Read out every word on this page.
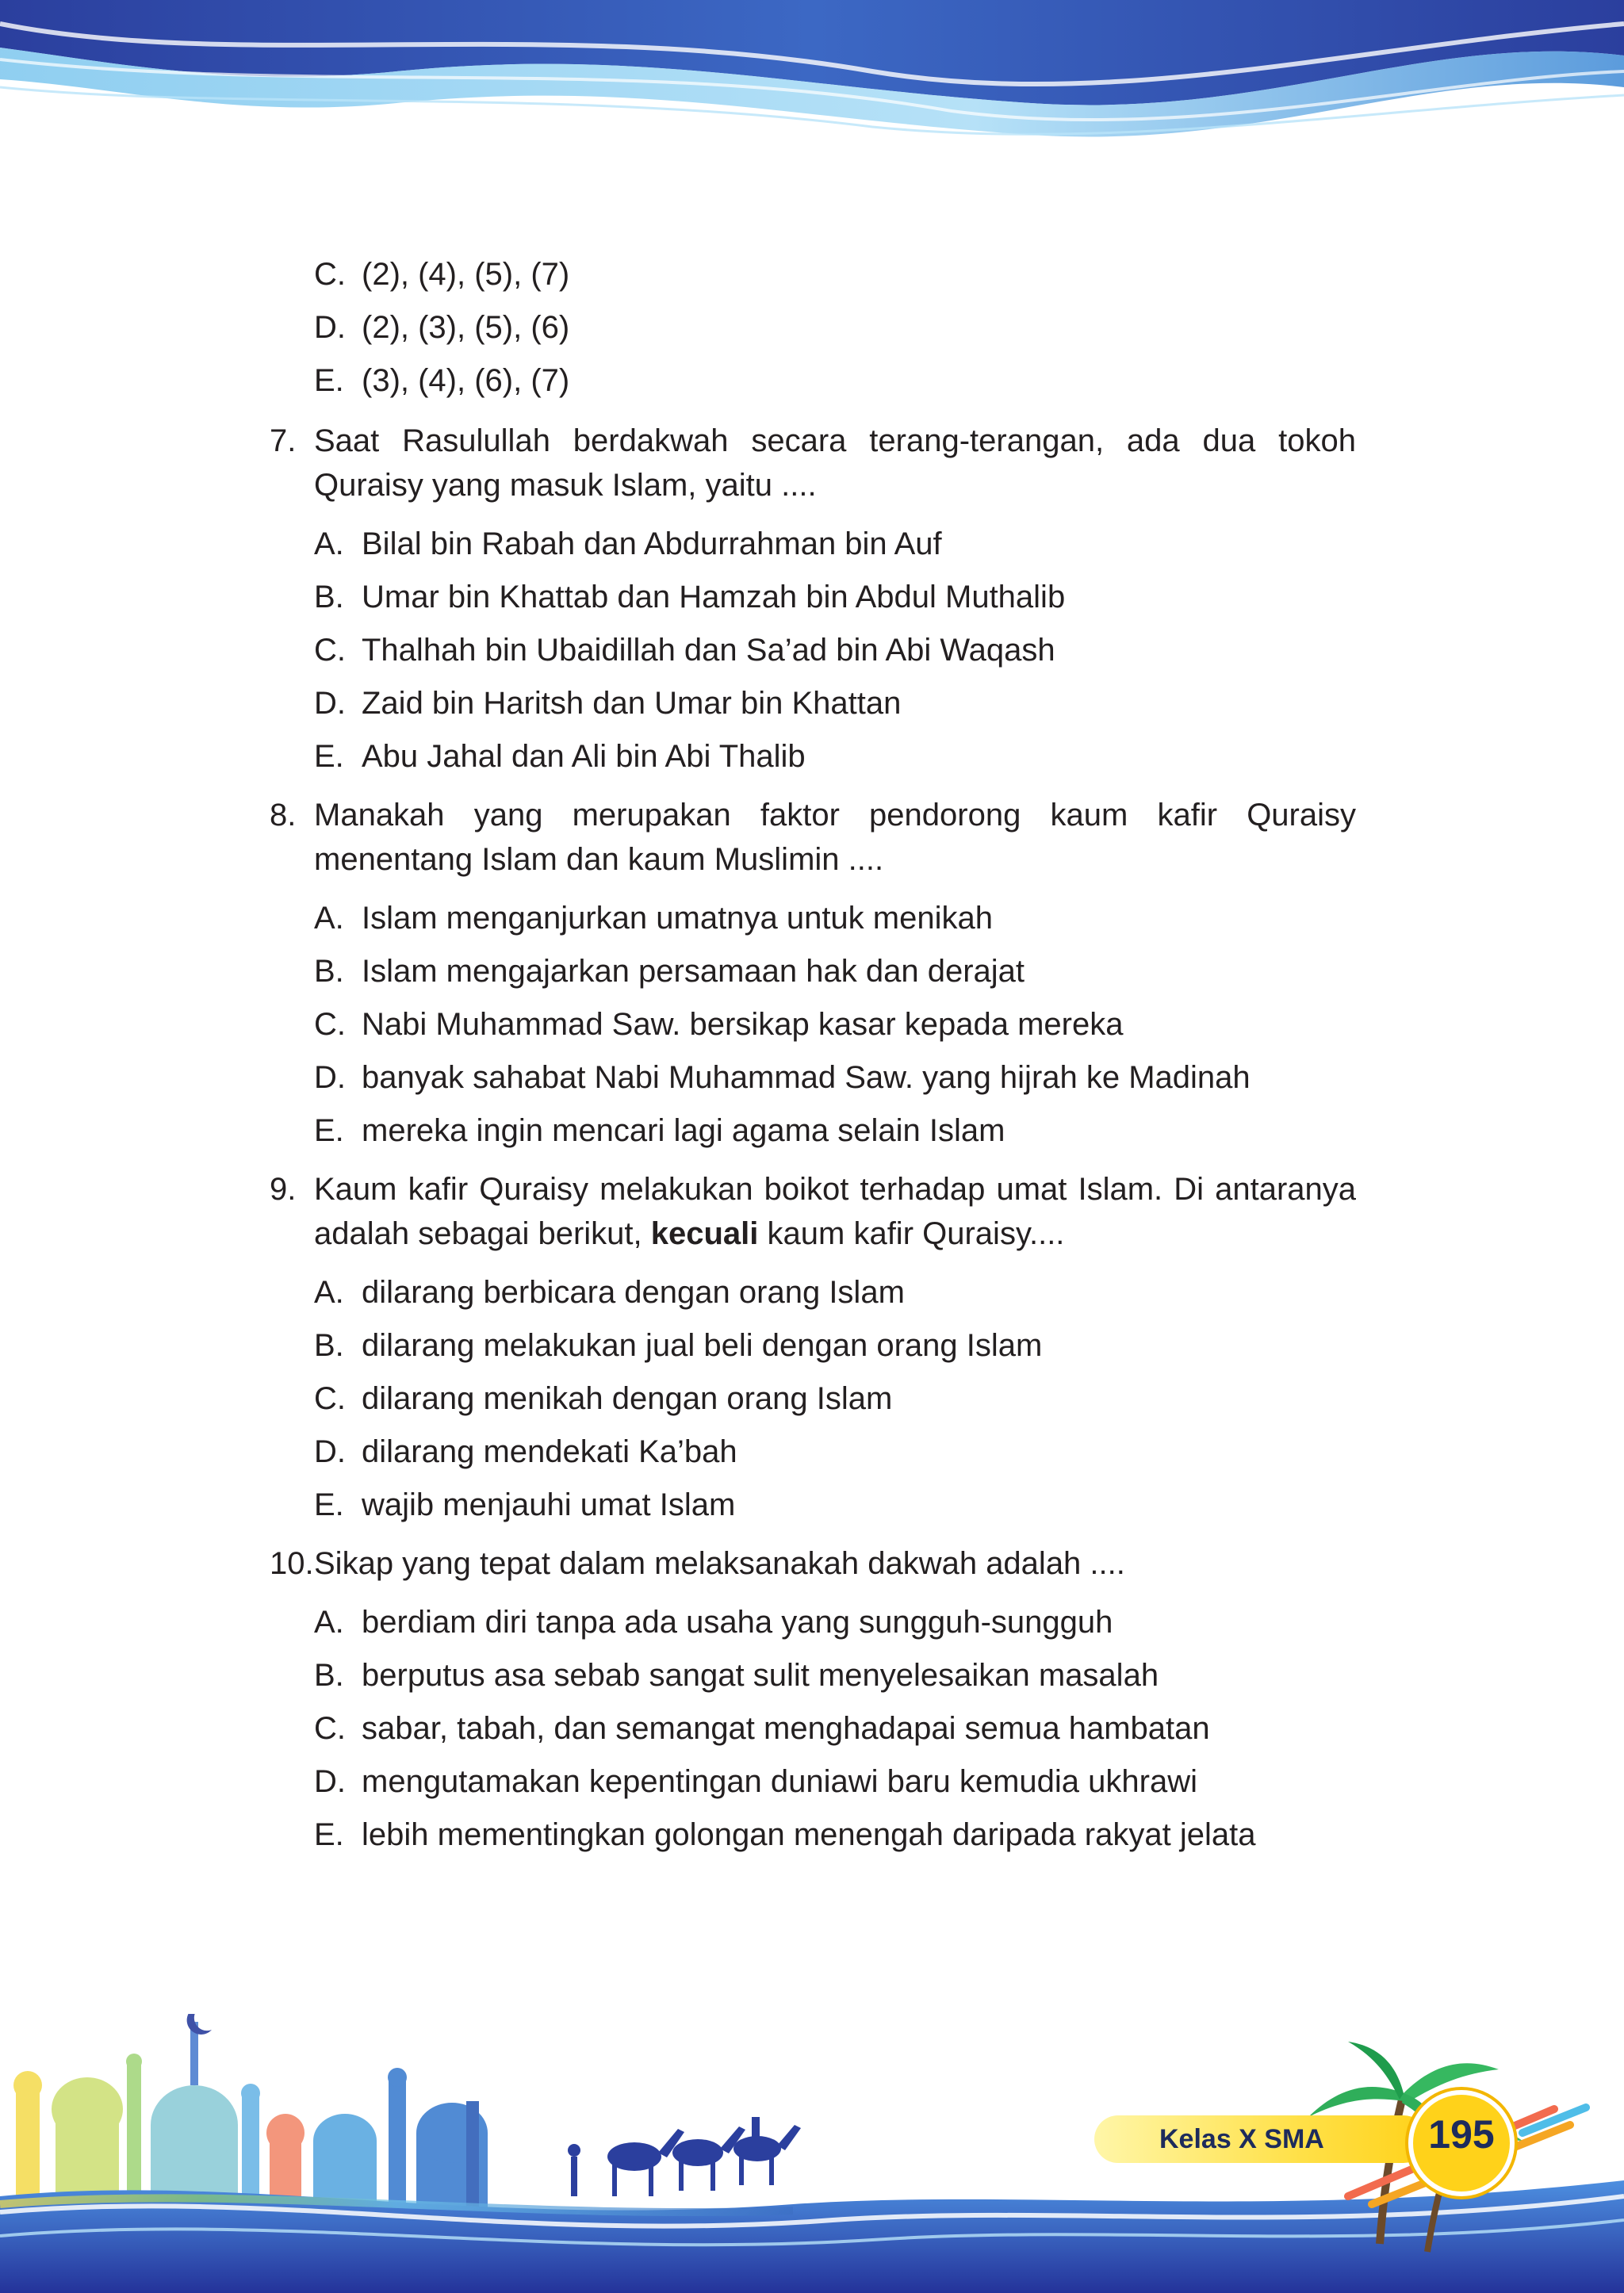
C. (2), (4), (5), (7)
D. (2), (3), (5), (6)
E. (3), (4), (6), (7)
7. Saat Rasulullah berdakwah secara terang-terangan, ada dua tokoh Quraisy yang masuk Islam, yaitu ....
A. Bilal bin Rabah dan Abdurrahman bin Auf
B. Umar bin Khattab dan Hamzah bin Abdul Muthalib
C. Thalhah bin Ubaidillah dan Sa’ad bin Abi Waqash
D. Zaid bin Haritsh dan Umar bin Khattan
E. Abu Jahal dan Ali bin Abi Thalib
8. Manakah yang merupakan faktor pendorong kaum kafir Quraisy menentang Islam dan kaum Muslimin ....
A. Islam menganjurkan umatnya untuk menikah
B. Islam mengajarkan persamaan hak dan derajat
C. Nabi Muhammad Saw. bersikap kasar kepada mereka
D. banyak sahabat Nabi Muhammad Saw. yang hijrah ke Madinah
E. mereka ingin mencari lagi agama selain Islam
9. Kaum kafir Quraisy melakukan boikot terhadap umat Islam. Di antaranya adalah sebagai berikut, kecuali kaum kafir Quraisy....
A. dilarang berbicara dengan orang Islam
B. dilarang melakukan jual beli dengan orang Islam
C. dilarang menikah dengan orang Islam
D. dilarang mendekati Ka’bah
E. wajib menjauhi umat Islam
10. Sikap yang tepat dalam melaksanakah dakwah adalah ....
A. berdiam diri tanpa ada usaha yang sungguh-sungguh
B. berputus asa sebab sangat sulit menyelesaikan masalah
C. sabar, tabah, dan semangat menghadapai semua hambatan
D. mengutamakan kepentingan duniawi baru kemudia ukhrawi
E. lebih mementingkan golongan menengah daripada rakyat jelata
Kelas X SMA	195
